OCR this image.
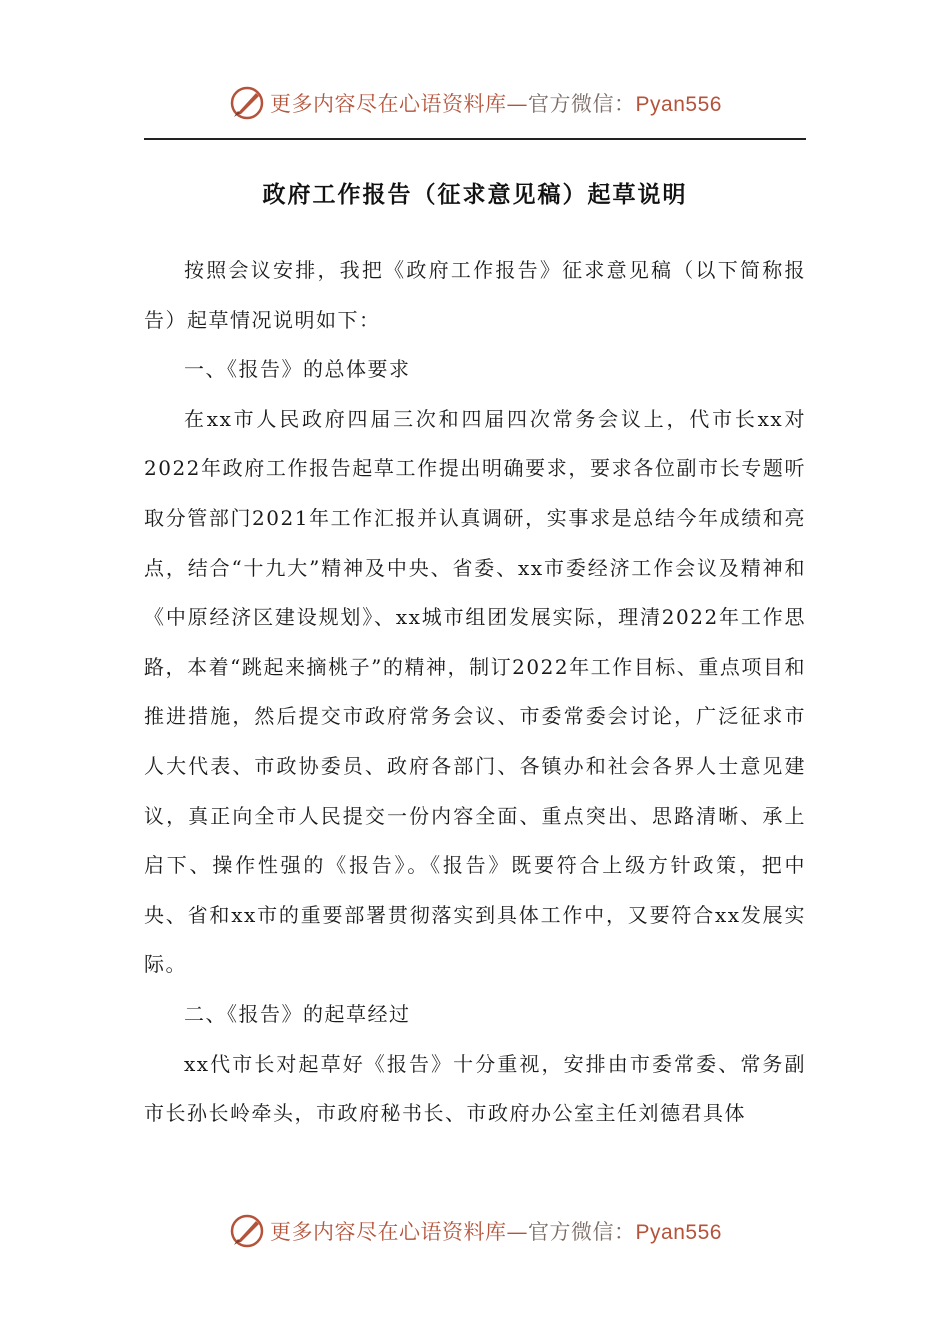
更多内容尽在心语资料库—官方微信：Pyan556
政府工作报告（征求意见稿）起草说明

按照会议安排，我把《政府工作报告》征求意见稿（以下简称报告）起草情况说明如下：

一、《报告》的总体要求

在xx市人民政府四届三次和四届四次常务会议上，代市长xx对2022年政府工作报告起草工作提出明确要求，要求各位副市长专题听取分管部门2021年工作汇报并认真调研，实事求是总结今年成绩和亮点，结合“十九大”精神及中央、省委、xx市委经济工作会议及精神和《中原经济区建设规划》、xx城市组团发展实际，理清2022年工作思路，本着“跳起来摘桃子”的精神，制订2022年工作目标、重点项目和推进措施，然后提交市政府常务会议、市委常委会讨论，广泛征求市人大代表、市政协委员、政府各部门、各镇办和社会各界人士意见建议，真正向全市人民提交一份内容全面、重点突出、思路清晰、承上启下、操作性强的《报告》。《报告》既要符合上级方针政策，把中央、省和xx市的重要部署贯彻落实到具体工作中，又要符合xx发展实际。

二、《报告》的起草经过

xx代市长对起草好《报告》十分重视，安排由市委常委、常务副市长孙长岭牵头，市政府秘书长、市政府办公室主任刘德君具体

更多内容尽在心语资料库—官方微信：Pyan556
